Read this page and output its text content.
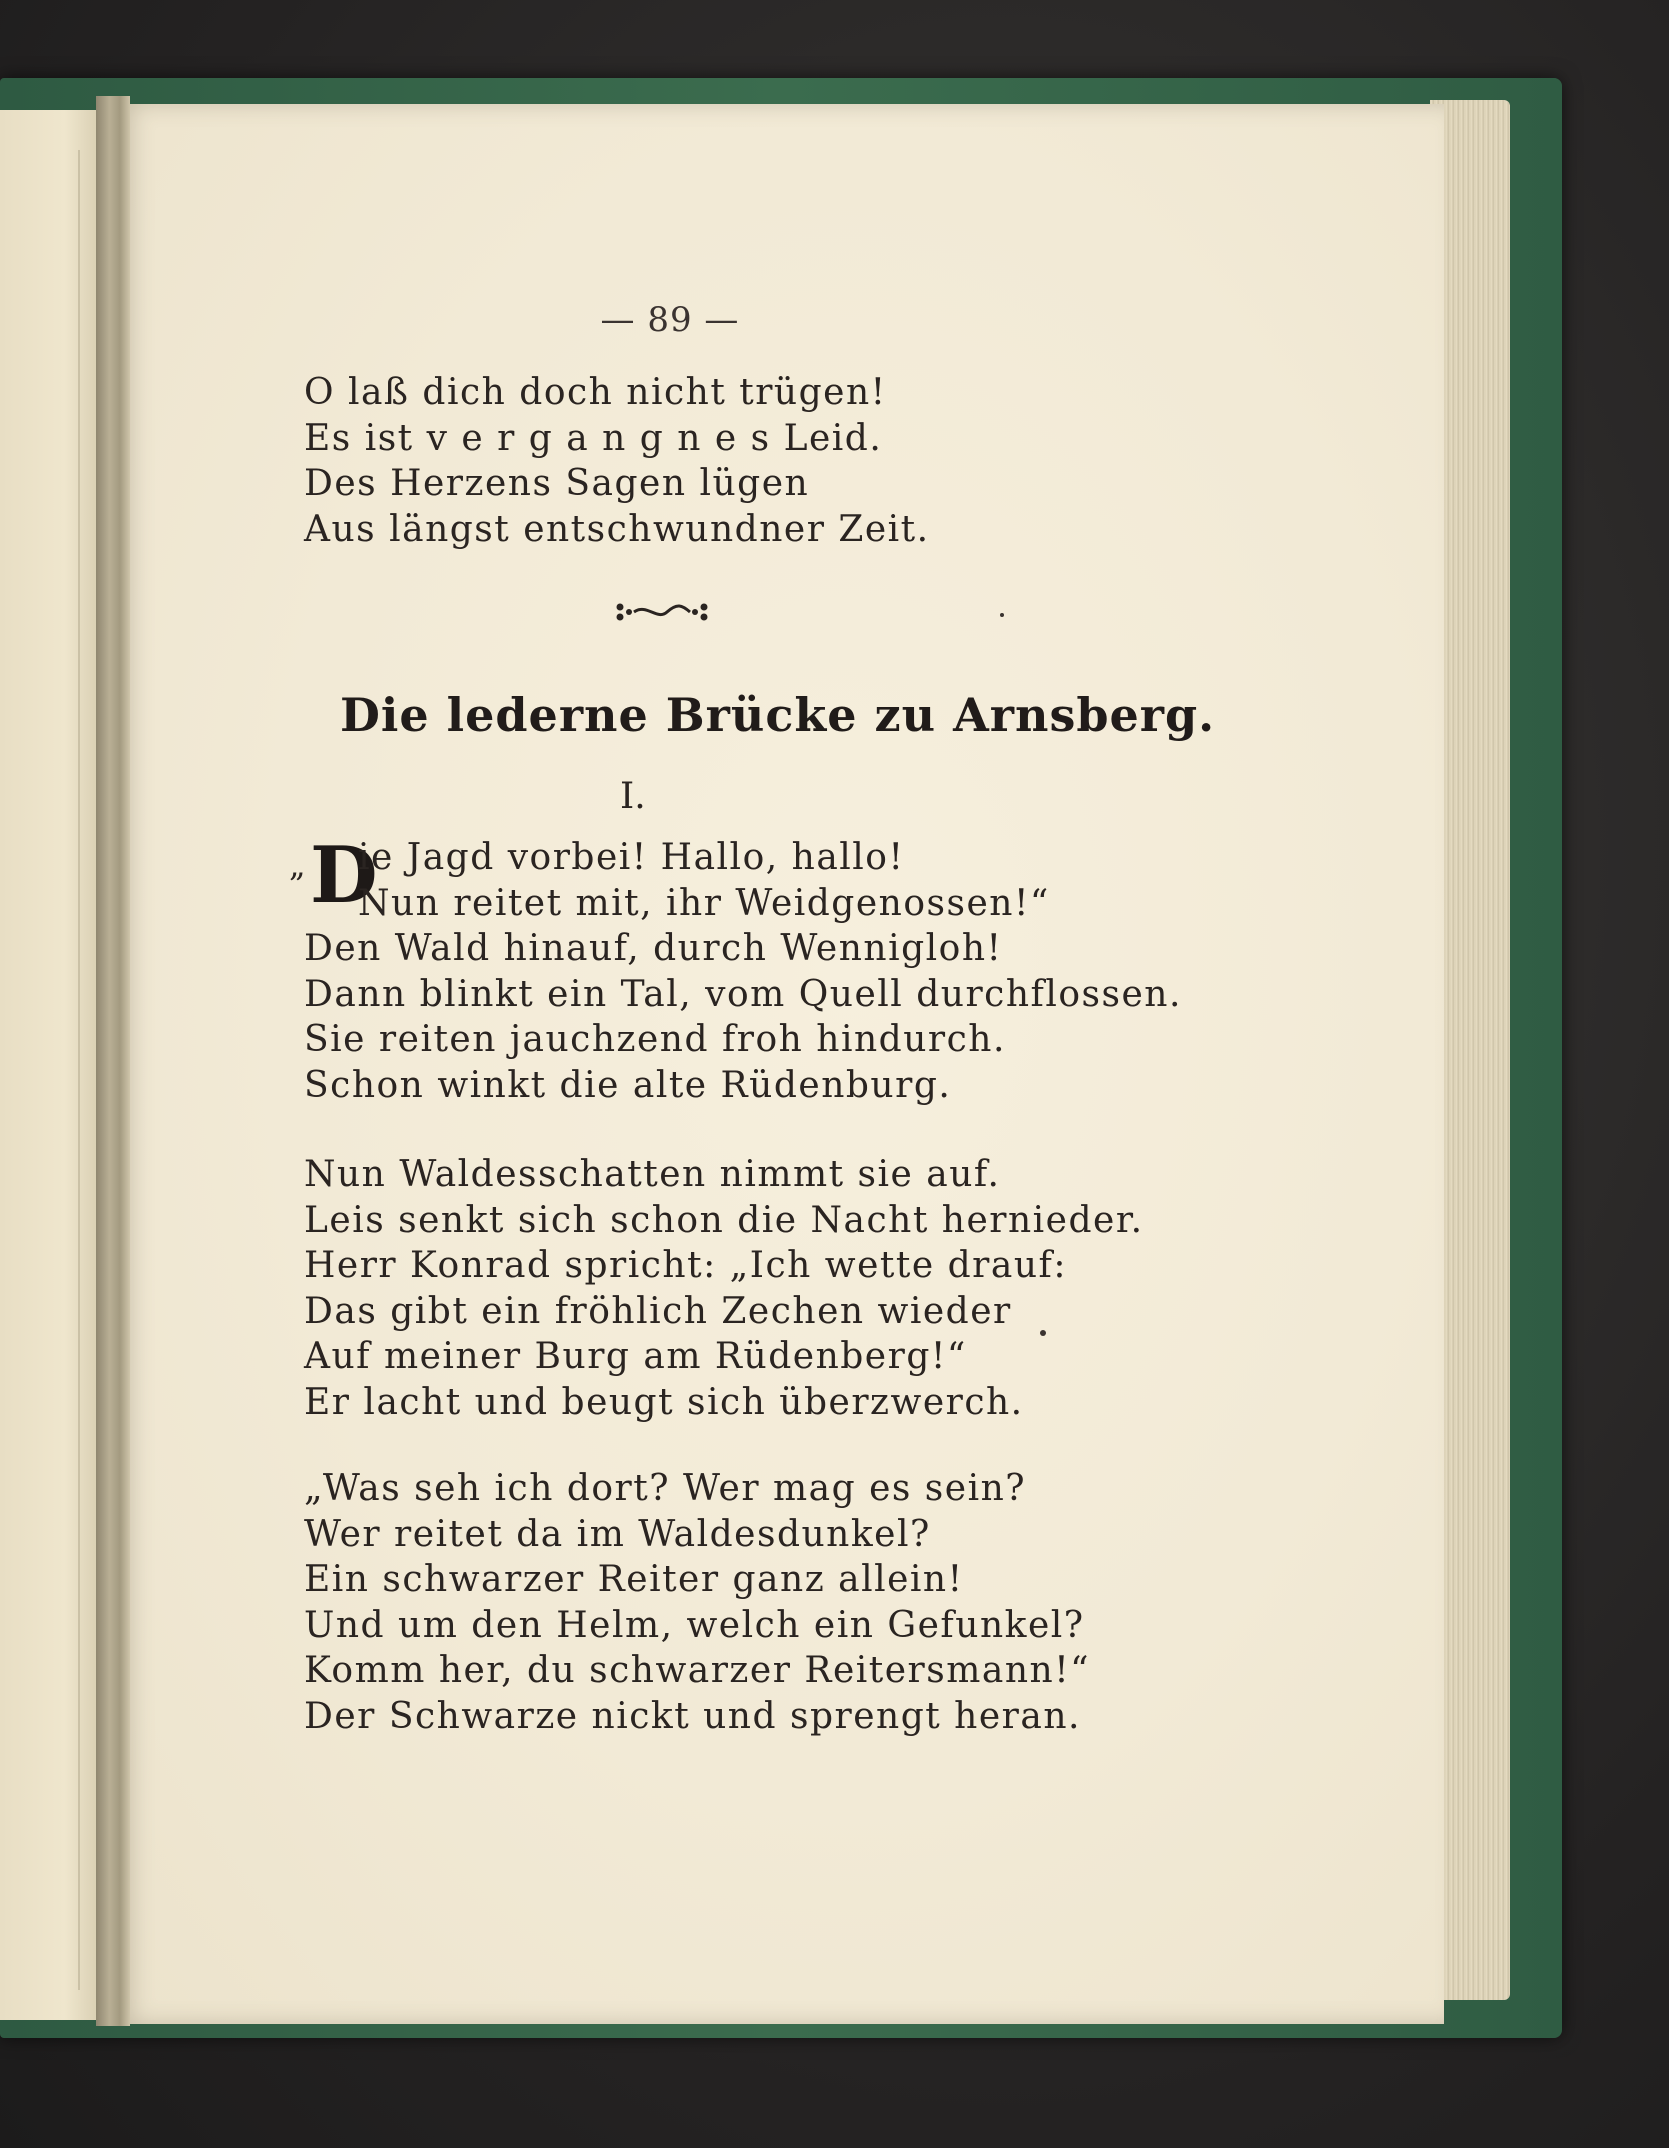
— 89 —
O laß dich doch nicht trügen!
Es ist v e r g a n g n e s Leid.
Des Herzens Sagen lügen
Aus längst entschwundner Zeit.
Die lederne Brücke zu Arnsberg.
I.
„ D
ie Jagd vorbei! Hallo, hallo!
Nun reitet mit, ihr Weidgenossen!“
Den Wald hinauf, durch Wennigloh!
Dann blinkt ein Tal, vom Quell durchflossen.
Sie reiten jauchzend froh hindurch.
Schon winkt die alte Rüdenburg.
Nun Waldesschatten nimmt sie auf.
Leis senkt sich schon die Nacht hernieder.
Herr Konrad spricht: „Ich wette drauf:
Das gibt ein fröhlich Zechen wieder
Auf meiner Burg am Rüdenberg!“
Er lacht und beugt sich überzwerch.
„Was seh ich dort? Wer mag es sein?
Wer reitet da im Waldesdunkel?
Ein schwarzer Reiter ganz allein!
Und um den Helm, welch ein Gefunkel?
Komm her, du schwarzer Reitersmann!“
Der Schwarze nickt und sprengt heran.
